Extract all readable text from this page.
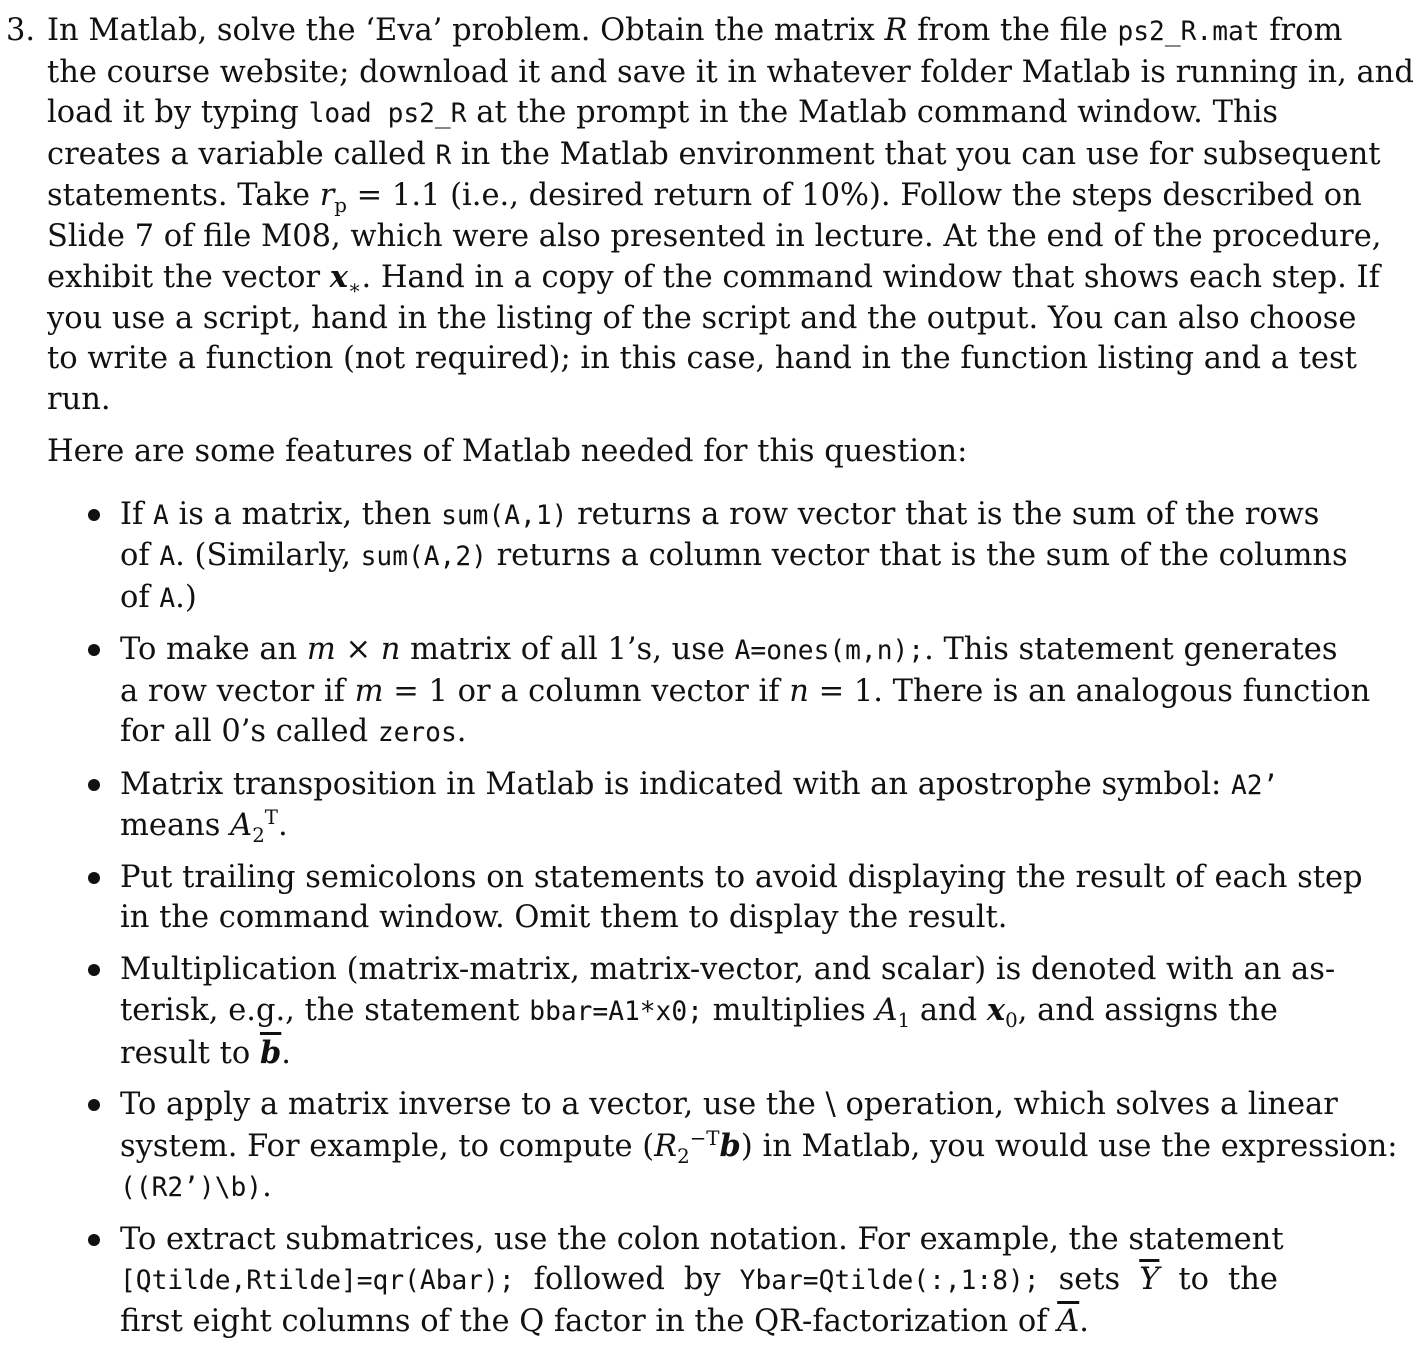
3. In Matlab, solve the ‘Eva’ problem. Obtain the matrix R from the file ps2_R.mat from
the course website; download it and save it in whatever folder Matlab is running in, and
load it by typing load ps2_R at the prompt in the Matlab command window. This
creates a variable called R in the Matlab environment that you can use for subsequent
statements. Take $r_p = 1.1$ (i.e., desired return of 10%). Follow the steps described on
Slide 7 of file M08, which were also presented in lecture. At the end of the procedure,
exhibit the vector $x_∗$. Hand in a copy of the command window that shows each step. If
you use a script, hand in the listing of the script and the output. You can also choose
to write a function (not required); in this case, hand in the function listing and a test
run.
Here are some features of Matlab needed for this question:
If A is a matrix, then sum(A,1) returns a row vector that is the sum of the rows
of A. (Similarly, sum(A,2) returns a column vector that is the sum of the columns
of A.)
To make an m × n matrix of all 1’s, use A=ones(m,n);. This statement generates
a row vector if m = 1 or a column vector if n = 1. There is an analogous function
for all 0’s called zeros.
Matrix transposition in Matlab is indicated with an apostrophe symbol: A2’
means $A_2^T$.
Put trailing semicolons on statements to avoid displaying the result of each step
in the command window. Omit them to display the result.
Multiplication (matrix-matrix, matrix-vector, and scalar) is denoted with an as-
terisk, e.g., the statement bbar=A1*x0; multiplies $A_1$ and $x_0$, and assigns the
result to $\overline{b}$.
To apply a matrix inverse to a vector, use the \ operation, which solves a linear
system. For example, to compute $(R_2^{-T}b)$ in Matlab, you would use the expression:
((R2’)\b).
To extract submatrices, use the colon notation. For example, the statement
[Qtilde,Rtilde]=qr(Abar); followed by Ybar=Qtilde(:,1:8); sets $\overline{Y}$ to the
first eight columns of the Q factor in the QR-factorization of $\overline{A}$.
